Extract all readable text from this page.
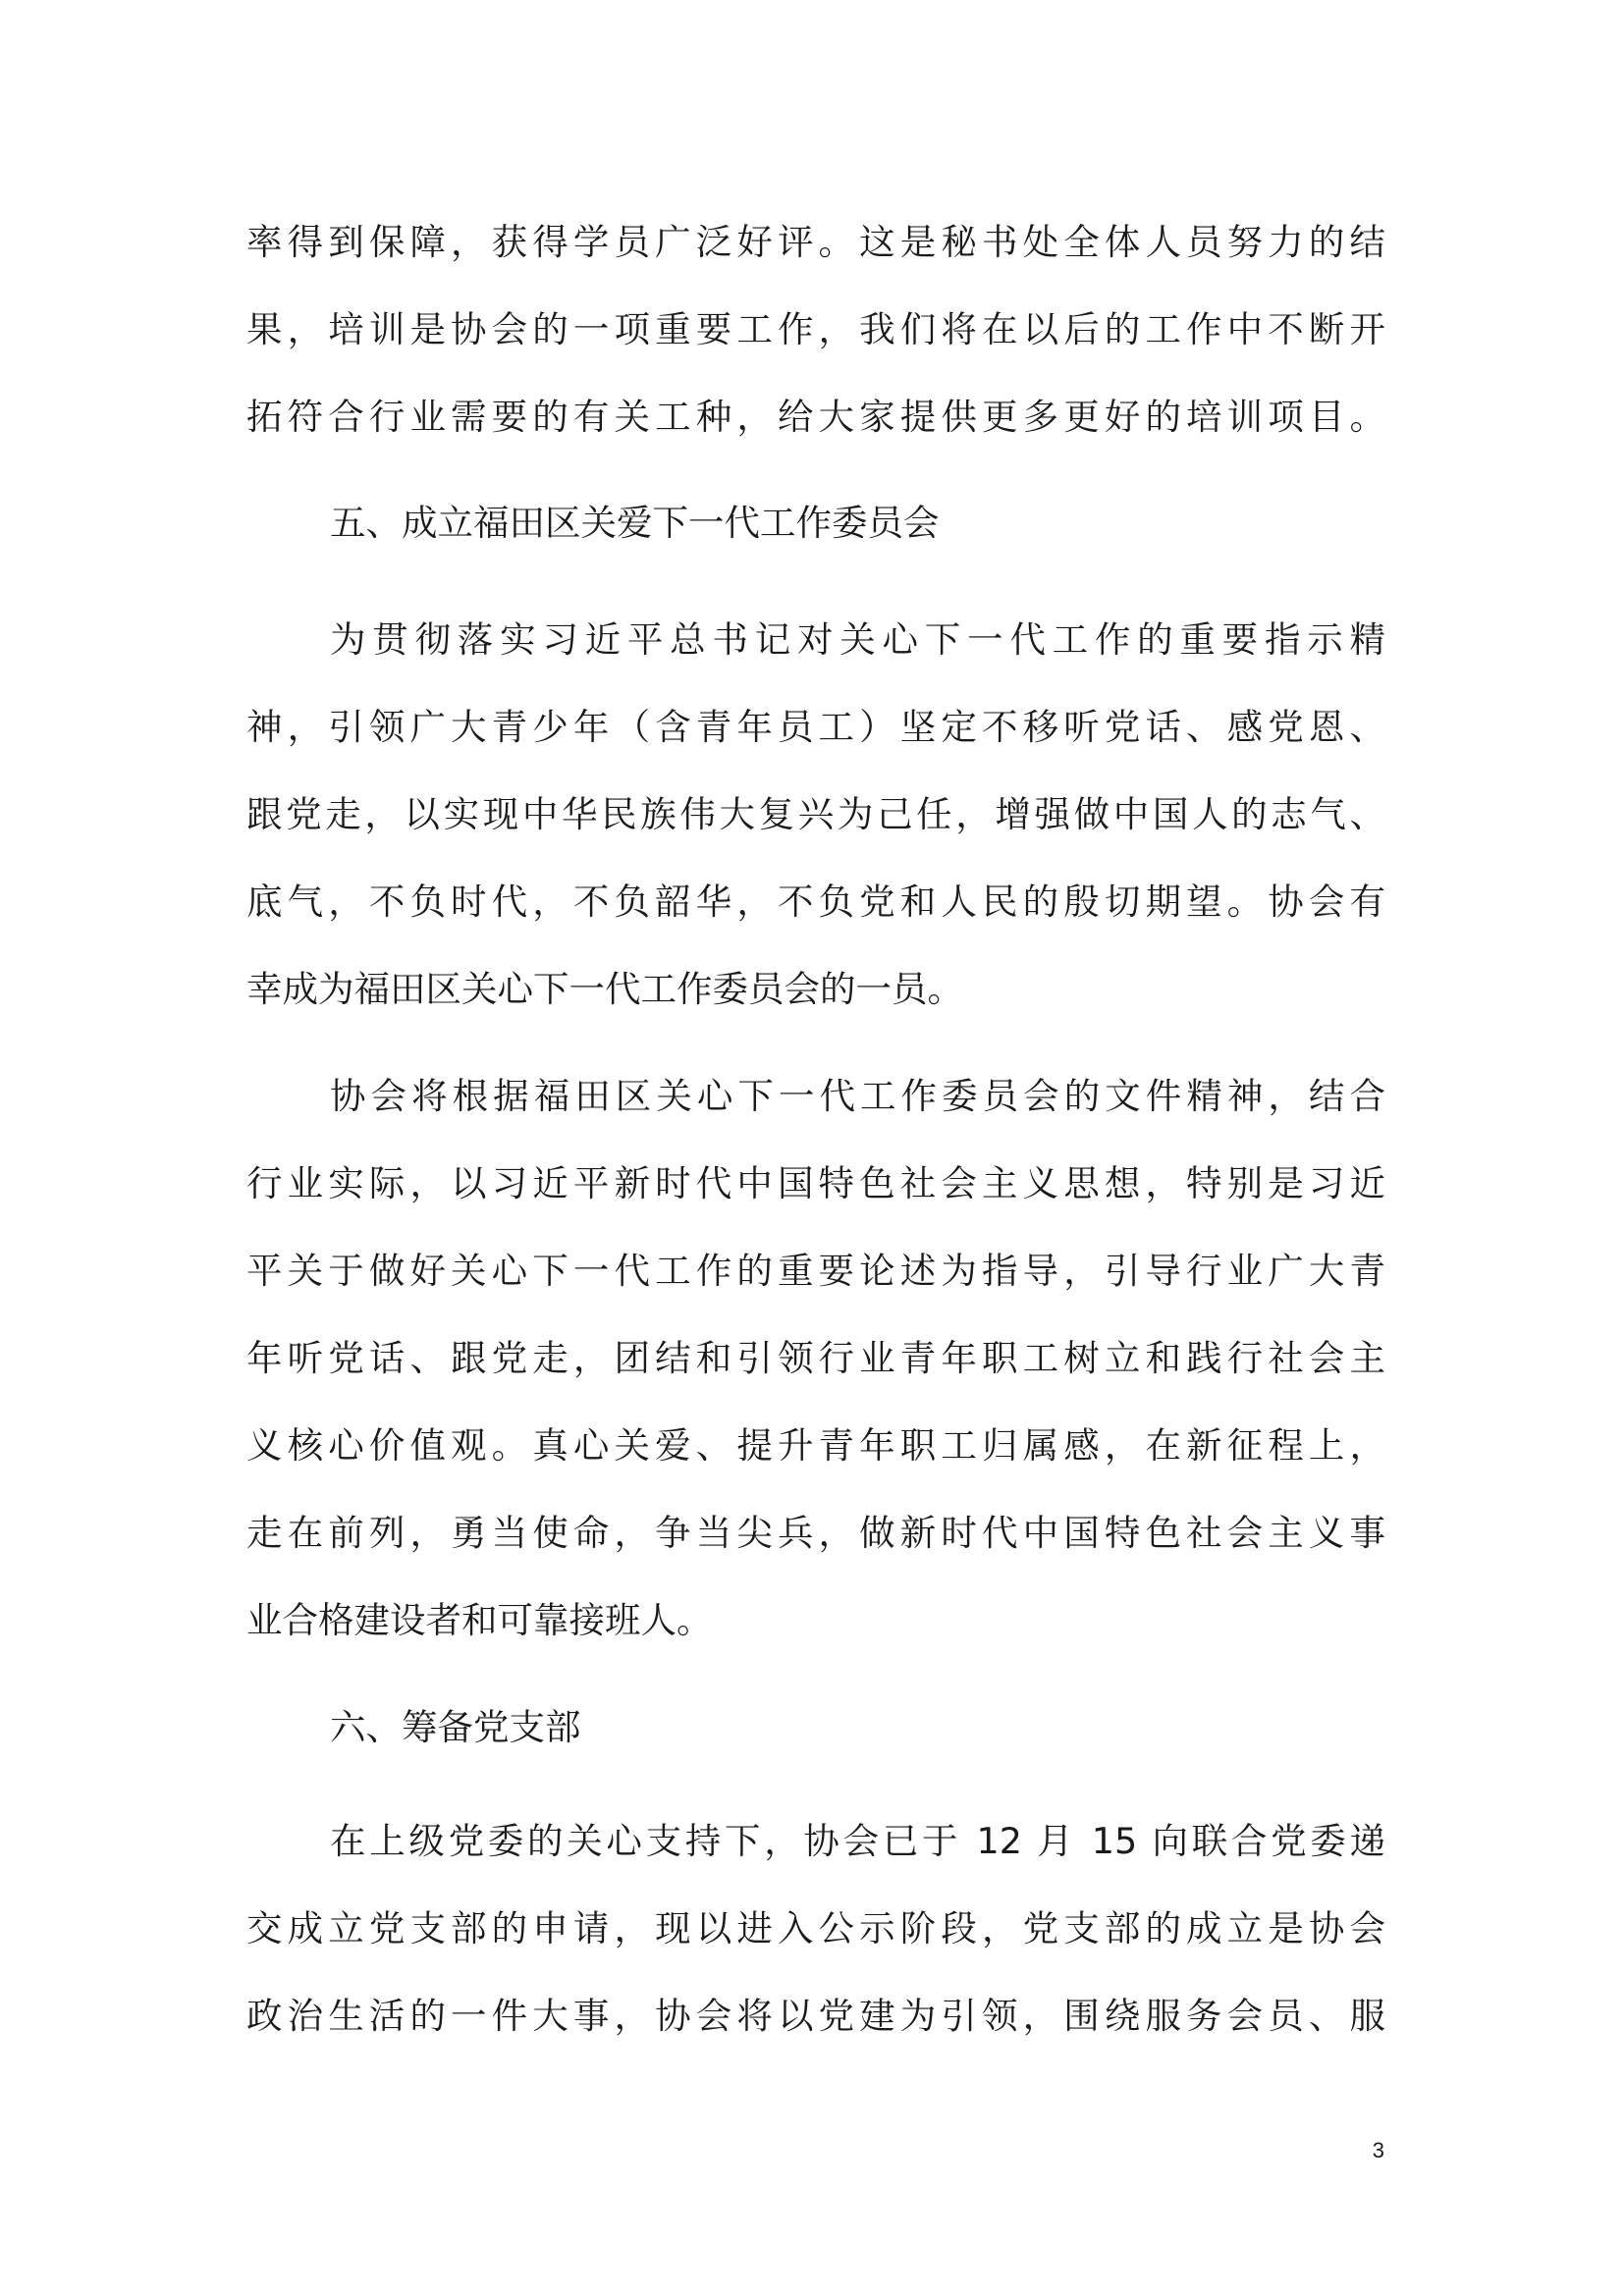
率得到保障，获得学员广泛好评。这是秘书处全体人员努力的结

果，培训是协会的一项重要工作，我们将在以后的工作中不断开

拓符合行业需要的有关工种，给大家提供更多更好的培训项目。

五、成立福田区关爱下一代工作委员会

为贯彻落实习近平总书记对关心下一代工作的重要指示精

神，引领广大青少年（含青年员工）坚定不移听党话、感党恩、

跟党走，以实现中华民族伟大复兴为己任，增强做中国人的志气、

底气，不负时代，不负韶华，不负党和人民的殷切期望。协会有

幸成为福田区关心下一代工作委员会的一员。

协会将根据福田区关心下一代工作委员会的文件精神，结合

行业实际，以习近平新时代中国特色社会主义思想，特别是习近

平关于做好关心下一代工作的重要论述为指导，引导行业广大青

年听党话、跟党走，团结和引领行业青年职工树立和践行社会主

义核心价值观。真心关爱、提升青年职工归属感，在新征程上，

走在前列，勇当使命，争当尖兵，做新时代中国特色社会主义事

业合格建设者和可靠接班人。

六、筹备党支部

在上级党委的关心支持下，协会已于 12 月 15 向联合党委递

交成立党支部的申请，现以进入公示阶段，党支部的成立是协会

政治生活的一件大事，协会将以党建为引领，围绕服务会员、服

3
